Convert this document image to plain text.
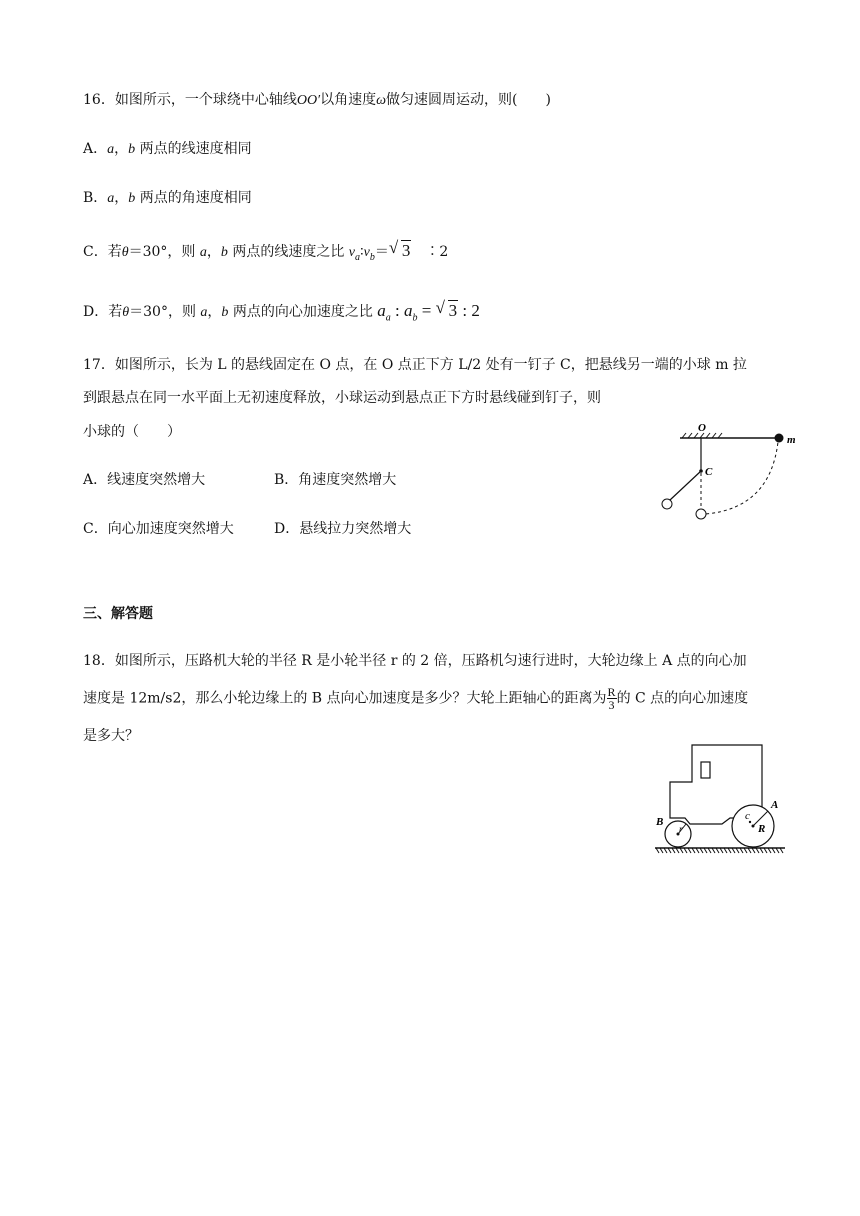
16．如图所示，一个球绕中心轴线OO′以角速度ω做匀速圆周运动，则(　　)
A．a，b 两点的线速度相同
B．a，b 两点的角速度相同
C．若θ＝30°，则 a，b 两点的线速度之比 $v_a∶v_b=√$ 3　∶2
D．若θ＝30°，则 a，b 两点的向心加速度之比 $a_a$ : $a_b$ = √ 3 : 2
17．如图所示，长为 L 的悬线固定在 O 点，在 O 点正下方 L/2 处有一钉子 C，把悬线另一端的小球 m 拉
到跟悬点在同一水平面上无初速度释放，小球运动到悬点正下方时悬线碰到钉子，则
小球的（　　）
A．线速度突然增大	B．角速度突然增大
C．向心加速度突然增大	D．悬线拉力突然增大
O
m
C
三、解答题
18．如图所示，压路机大轮的半径 R 是小轮半径 r 的 2 倍，压路机匀速行进时，大轮边缘上 A 点的向心加
速度是 12m/s2，那么小轮边缘上的 B 点向心加速度是多少？大轮上距轴心的距离为 $\frac{R}{3}$ 的 C 点的向心加速度
是多大？
A
B
r
c
R
